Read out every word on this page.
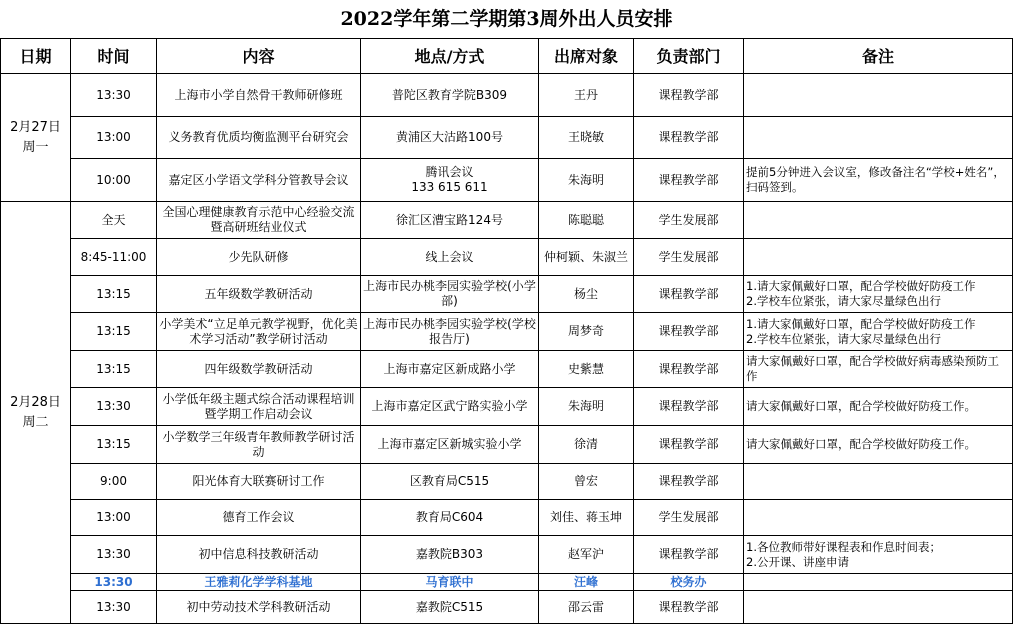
2022学年第二学期第3周外出人员安排
日期	时间	内容	地点/方式	出席对象	负责部门	备注

2月27日
周一	13:30	上海市小学自然骨干教师研修班	普陀区教育学院B309	王丹	课程教学部	

	13:00	义务教育优质均衡监测平台研究会	黄浦区大沽路100号	王晓敏	课程教学部	

	10:00	嘉定区小学语文学科分管教导会议	腾讯会议
133 615 611	朱海明	课程教学部	提前5分钟进入会议室，修改备注名“学校+姓名”，扫码签到。

2月28日
周二	全天	全国心理健康教育示范中心经验交流暨高研班结业仪式	徐汇区漕宝路124号	陈聪聪	学生发展部	

	8:45-11:00	少先队研修	线上会议	仲柯颖、朱淑兰	学生发展部	

	13:15	五年级数学教研活动	上海市民办桃李园实验学校(小学部)	杨尘	课程教学部	1.请大家佩戴好口罩，配合学校做好防疫工作
2.学校车位紧张，请大家尽量绿色出行

	13:15	小学美术“立足单元教学视野，优化美术学习活动”教学研讨活动	上海市民办桃李园实验学校(学校报告厅)	周梦奇	课程教学部	1.请大家佩戴好口罩，配合学校做好防疫工作
2.学校车位紧张，请大家尽量绿色出行

	13:15	四年级数学教研活动	上海市嘉定区新成路小学	史紫慧	课程教学部	请大家佩戴好口罩，配合学校做好病毒感染预防工作

	13:30	小学低年级主题式综合活动课程培训暨学期工作启动会议	上海市嘉定区武宁路实验小学	朱海明	课程教学部	请大家佩戴好口罩，配合学校做好防疫工作。

	13:15	小学数学三年级青年教师教学研讨活动	上海市嘉定区新城实验小学	徐清	课程教学部	请大家佩戴好口罩，配合学校做好防疫工作。

	9:00	阳光体育大联赛研讨工作	区教育局C515	曾宏	课程教学部	

	13:00	德育工作会议	教育局C604	刘佳、蒋玉坤	学生发展部	

	13:30	初中信息科技教研活动	嘉教院B303	赵军沪	课程教学部	1.各位教师带好课程表和作息时间表；
2.公开课、讲座申请

	13:30	王雅莉化学学科基地	马育联中	汪峰	校务办	

	13:30	初中劳动技术学科教研活动	嘉教院C515	邵云雷	课程教学部	
